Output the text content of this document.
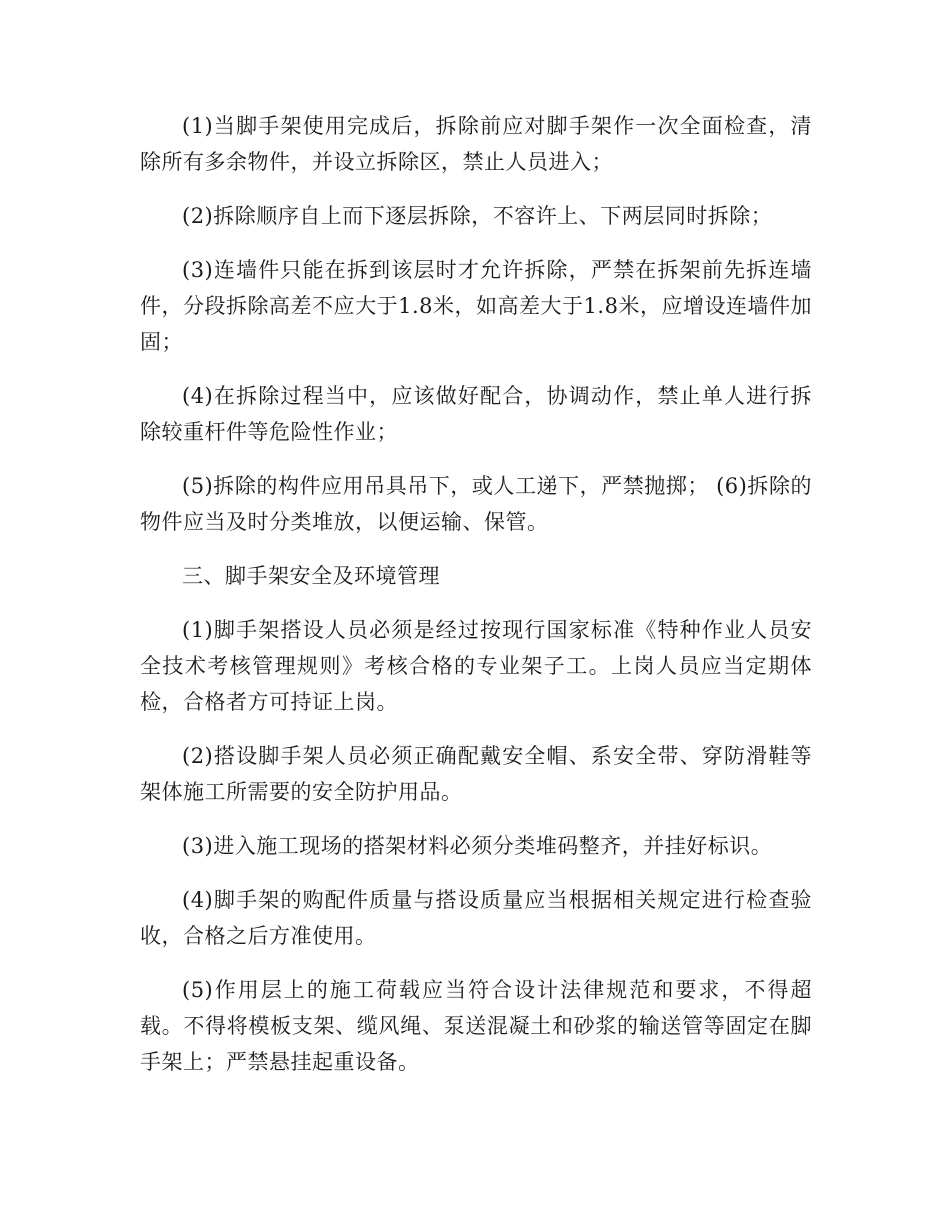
(1)当脚手架使用完成后，拆除前应对脚手架作一次全面检查，清除所有多余物件，并设立拆除区，禁止人员进入；

(2)拆除顺序自上而下逐层拆除，不容许上、下两层同时拆除；

(3)连墙件只能在拆到该层时才允许拆除，严禁在拆架前先拆连墙件，分段拆除高差不应大于1.8米，如高差大于1.8米，应增设连墙件加固；

(4)在拆除过程当中，应该做好配合，协调动作，禁止单人进行拆除较重杆件等危险性作业；

(5)拆除的构件应用吊具吊下，或人工递下，严禁抛掷； (6)拆除的物件应当及时分类堆放，以便运输、保管。

三、脚手架安全及环境管理

(1)脚手架搭设人员必须是经过按现行国家标准《特种作业人员安全技术考核管理规则》考核合格的专业架子工。上岗人员应当定期体检，合格者方可持证上岗。

(2)搭设脚手架人员必须正确配戴安全帽、系安全带、穿防滑鞋等架体施工所需要的安全防护用品。

(3)进入施工现场的搭架材料必须分类堆码整齐，并挂好标识。

(4)脚手架的购配件质量与搭设质量应当根据相关规定进行检查验收，合格之后方准使用。

(5)作用层上的施工荷载应当符合设计法律规范和要求，不得超载。不得将模板支架、缆风绳、泵送混凝土和砂浆的输送管等固定在脚手架上；严禁悬挂起重设备。
